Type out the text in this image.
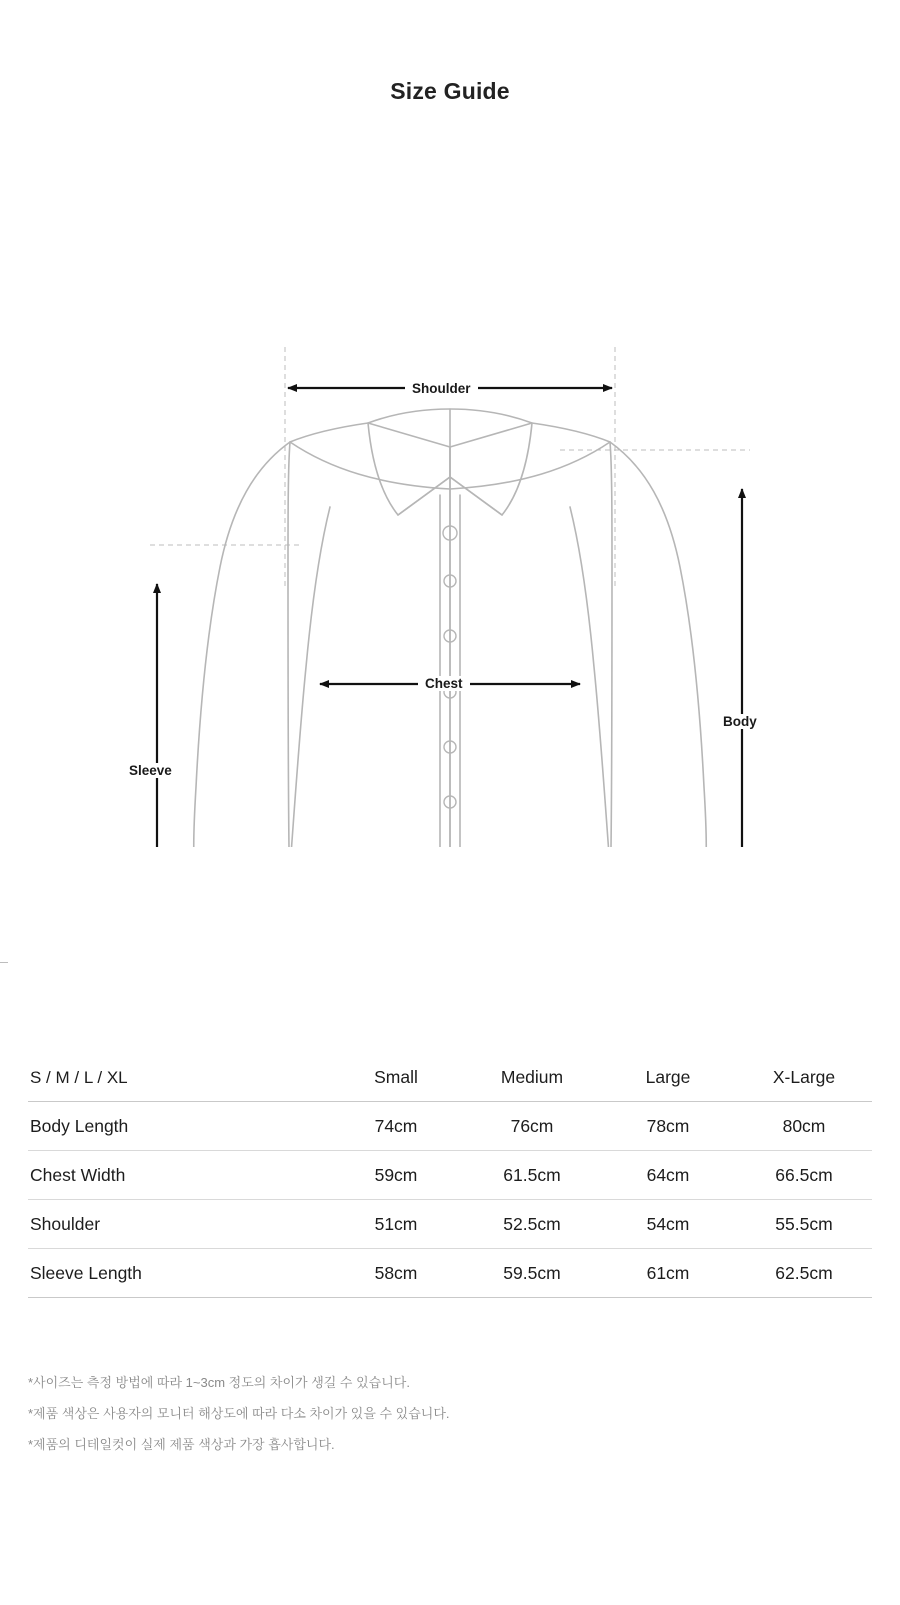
Size Guide
Shoulder
Chest
Body
Sleeve
S / M / L / XL	Small	Medium	Large	X-Large
Body Length	74cm	76cm	78cm	80cm
Chest Width	59cm	61.5cm	64cm	66.5cm
Shoulder	51cm	52.5cm	54cm	55.5cm
Sleeve Length	58cm	59.5cm	61cm	62.5cm
*사이즈는 측정 방법에 따라 1~3cm 정도의 차이가 생길 수 있습니다.
*제품 색상은 사용자의 모니터 해상도에 따라 다소 차이가 있을 수 있습니다.
*제품의 디테일컷이 실제 제품 색상과 가장 흡사합니다.
